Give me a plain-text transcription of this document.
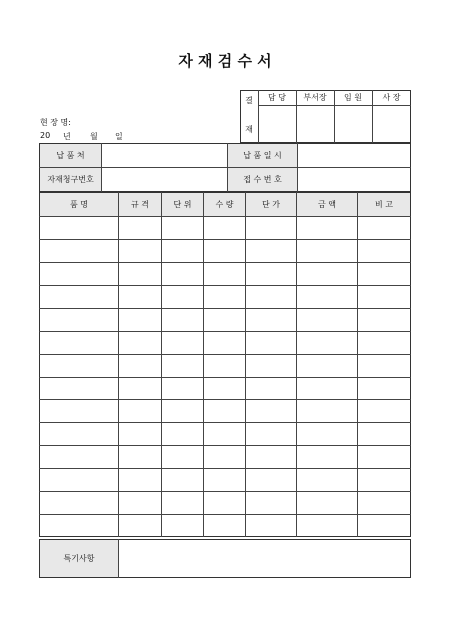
자 재 검 수 서
현 장 명:
20 년 월 일
결
재
담 당	부서장	임 원	사 장
납 품 처	납 품 일 시
자재청구번호	접 수 번 호
품 명	규 격	단 위	수 량	단 가	금 액	비 고
특기사항
